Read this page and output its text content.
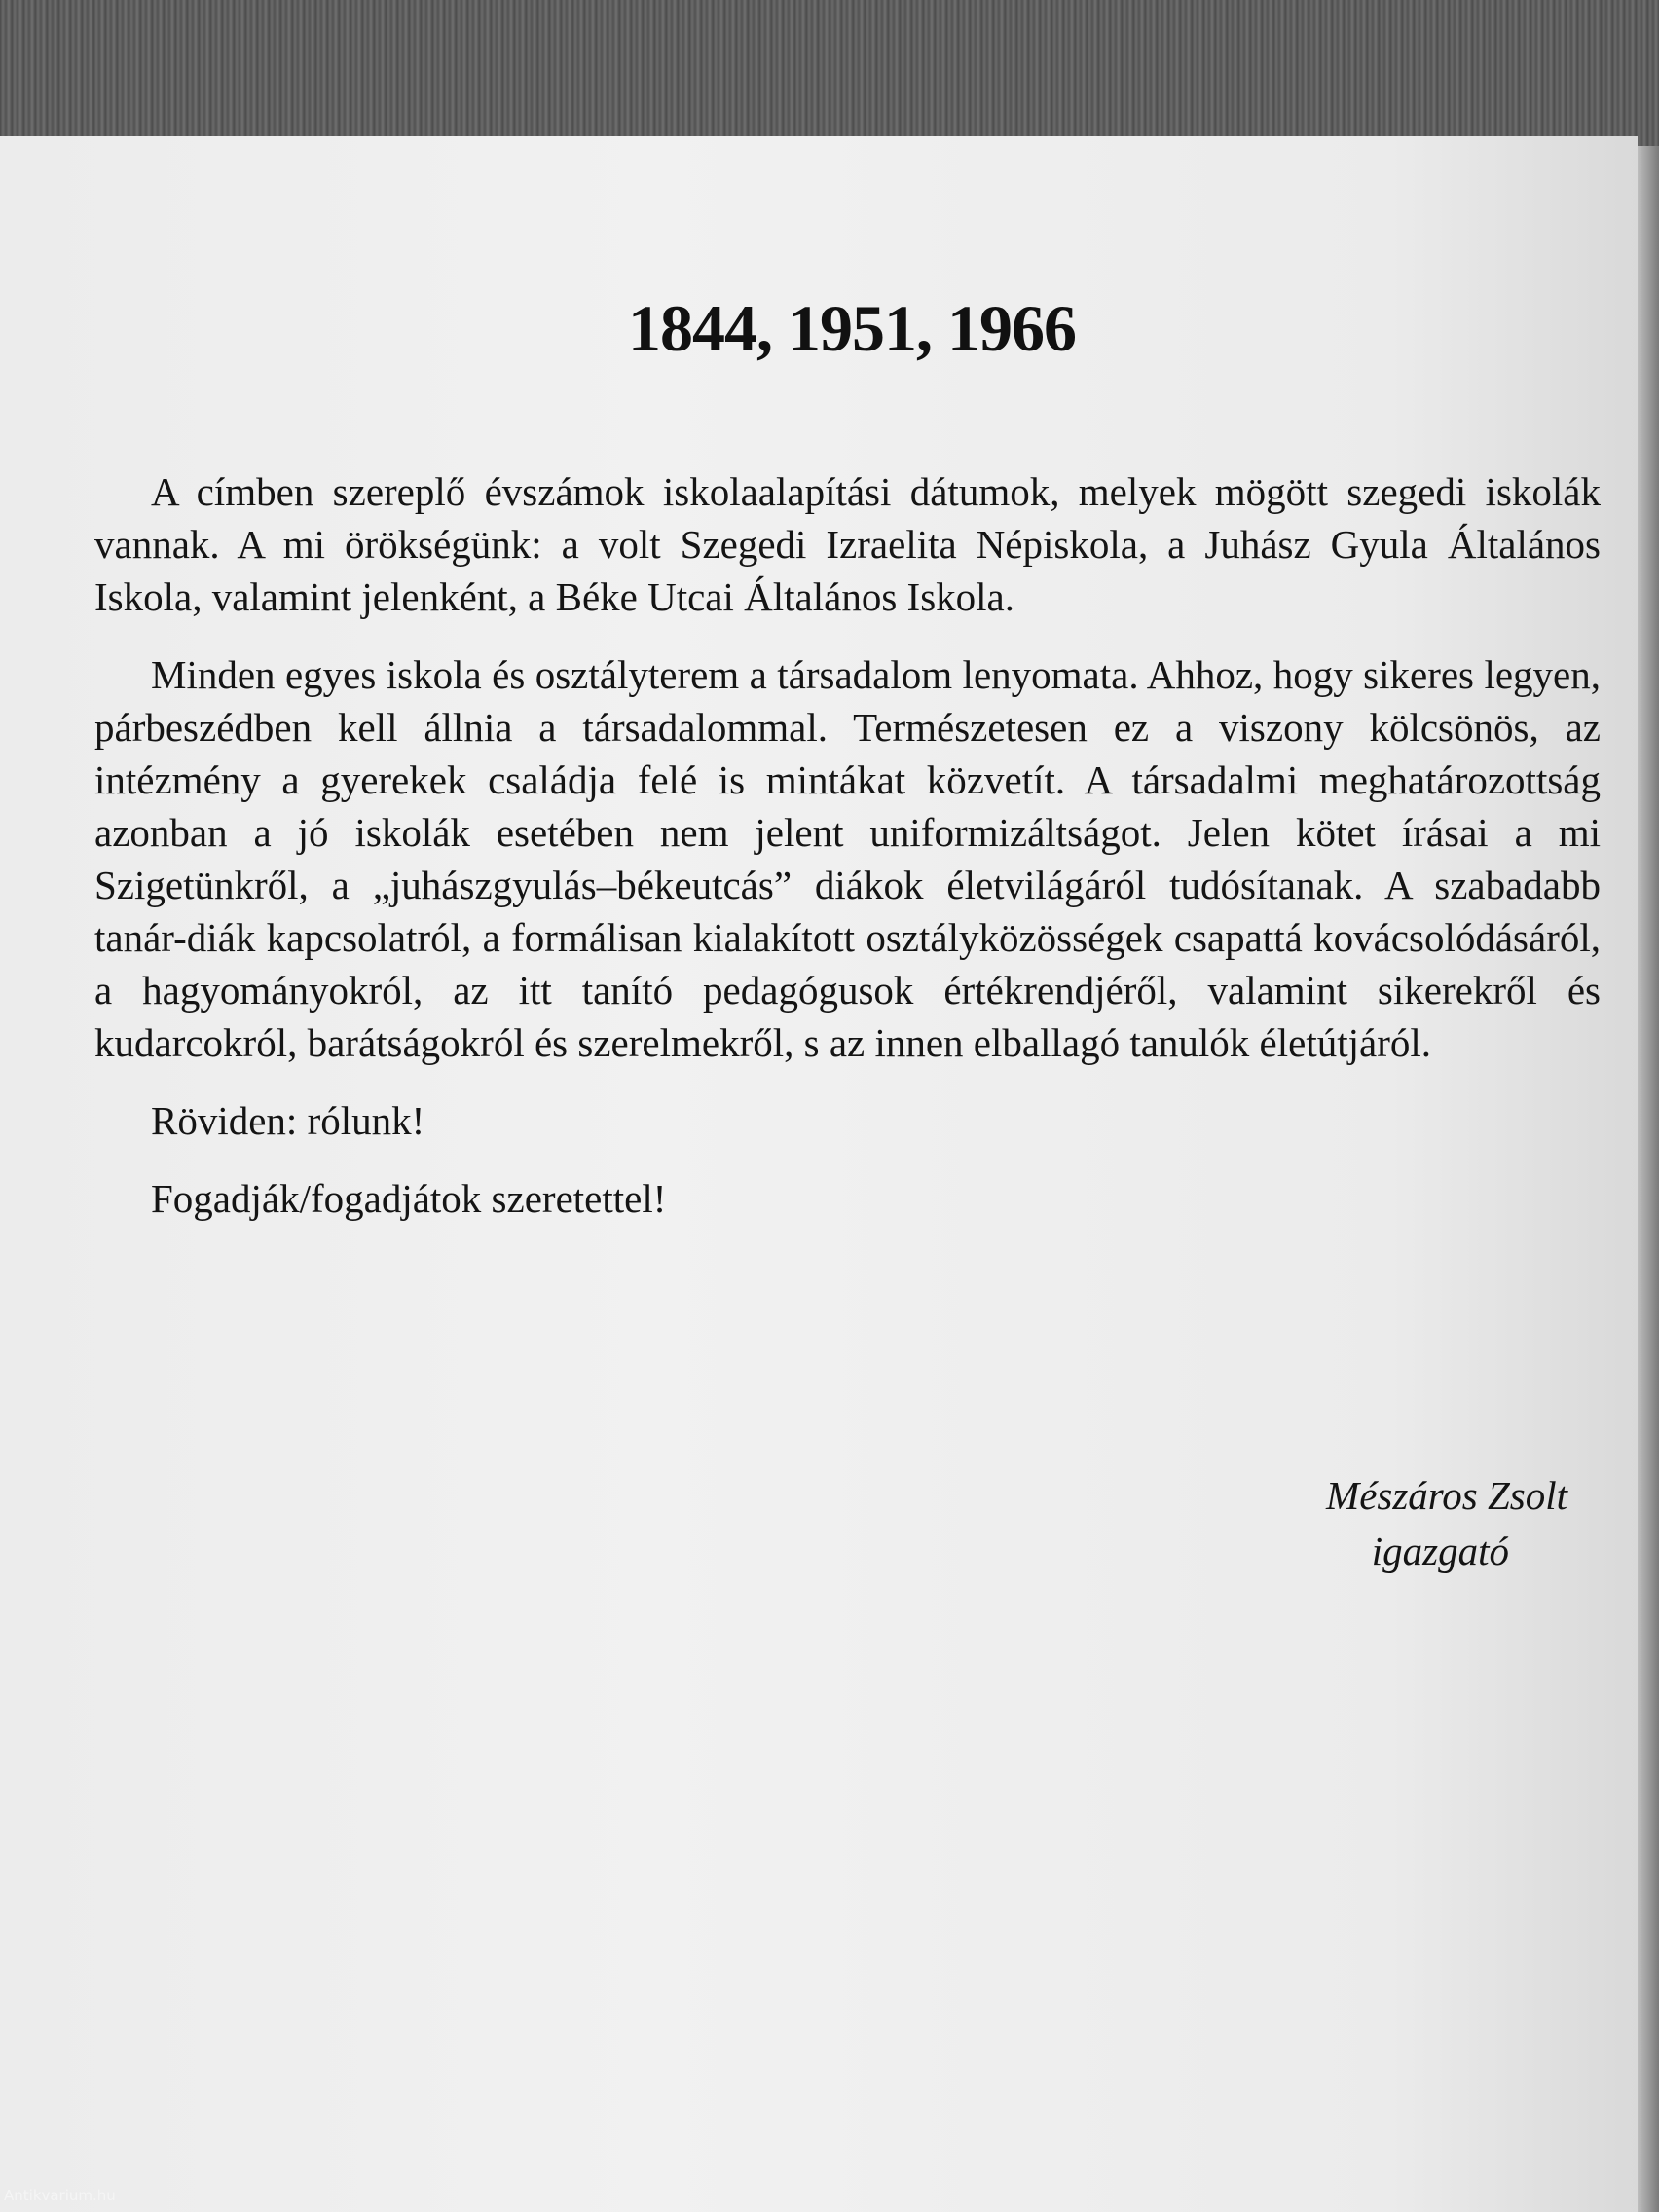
1844, 1951, 1966

A címben szereplő évszámok iskolaalapítási dátumok, melyek mögött szegedi iskolák vannak. A mi örökségünk: a volt Szegedi Izraelita Népiskola, a Juhász Gyula Általános Iskola, valamint jelenként, a Béke Utcai Általános Iskola.

Minden egyes iskola és osztályterem a társadalom lenyomata. Ahhoz, hogy sikeres legyen, párbeszédben kell állnia a társadalommal. Természetesen ez a viszony kölcsönös, az intézmény a gyerekek családja felé is mintákat közvetít. A társadalmi meghatározottság azonban a jó iskolák esetében nem jelent uniformizáltságot. Jelen kötet írásai a mi Szigetünkről, a „juhászgyulás–békeutcás” diákok életvilágáról tudósítanak. A szabadabb tanár-diák kapcsolatról, a formálisan kialakított osztályközösségek csapattá kovácsolódásáról, a hagyományokról, az itt tanító pedagógusok értékrendjéről, valamint sikerekről és kudarcokról, barátságokról és szerelmekről, s az innen elballagó tanulók életútjáról.

Röviden: rólunk!

Fogadják/fogadjátok szeretettel!

Mészáros Zsolt
igazgató
Antikvarium.hu
